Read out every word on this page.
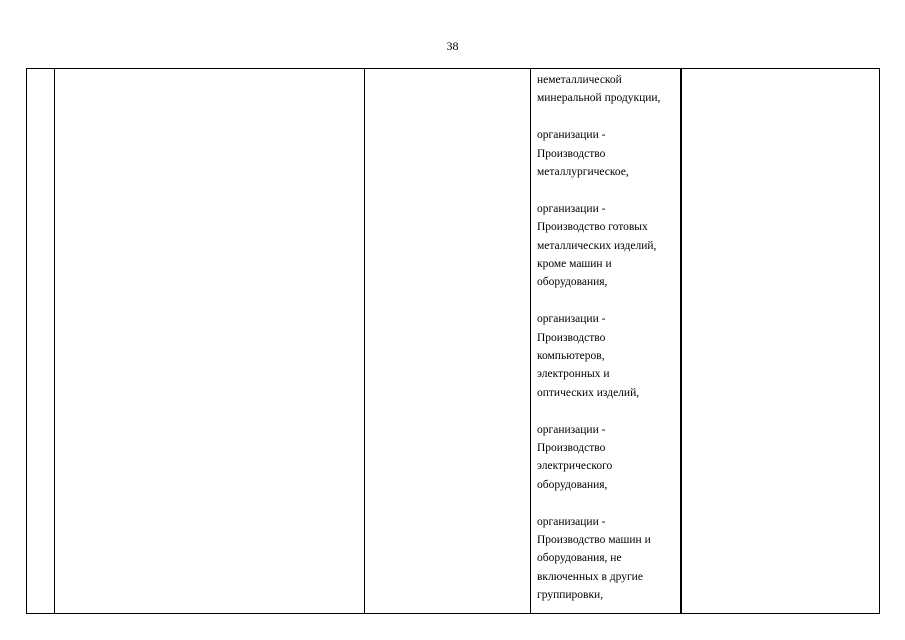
38

неметаллической
минеральной продукции,
организации -
Производство
металлургическое,
организации -
Производство готовых
металлических изделий,
кроме машин и
оборудования,
организации -
Производство
компьютеров,
электронных и
оптических изделий,
организации -
Производство
электрического
оборудования,
организации -
Производство машин и
оборудования, не
включенных в другие
группировки,
